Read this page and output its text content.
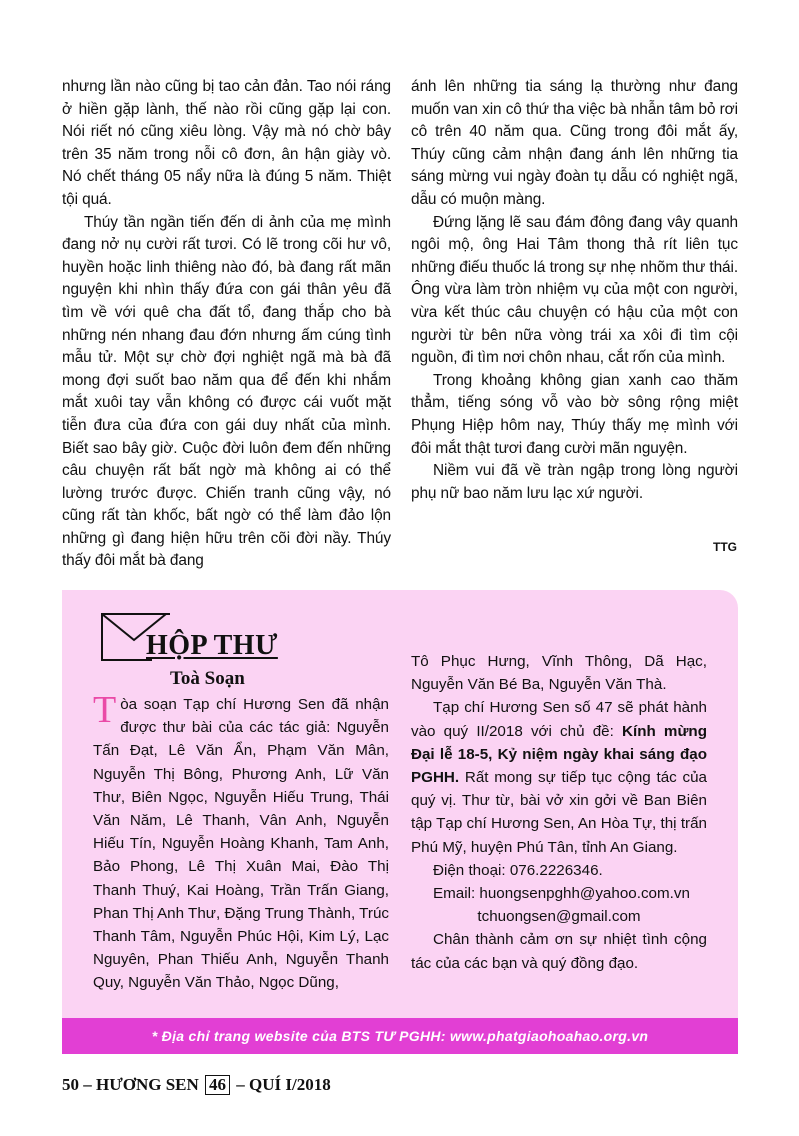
nhưng lần nào cũng bị tao cản đản. Tao nói ráng ở hiền gặp lành, thế nào rồi cũng gặp lại con. Nói riết nó cũng xiêu lòng. Vậy mà nó chờ bây trên 35 năm trong nỗi cô đơn, ân hận giày vò. Nó chết tháng 05 nẩy nữa là đúng 5 năm. Thiệt tội quá.

Thúy tần ngần tiến đến di ảnh của mẹ mình đang nở nụ cười rất tươi. Có lẽ trong cõi hư vô, huyền hoặc linh thiêng nào đó, bà đang rất mãn nguyện khi nhìn thấy đứa con gái thân yêu đã tìm về với quê cha đất tổ, đang thắp cho bà những nén nhang đau đớn nhưng ấm cúng tình mẫu tử. Một sự chờ đợi nghiệt ngã mà bà đã mong đợi suốt bao năm qua để đến khi nhắm mắt xuôi tay vẫn không có được cái vuốt mặt tiễn đưa của đứa con gái duy nhất của mình. Biết sao bây giờ. Cuộc đời luôn đem đến những câu chuyện rất bất ngờ mà không ai có thể lường trước được. Chiến tranh cũng vậy, nó cũng rất tàn khốc, bất ngờ có thể làm đảo lộn những gì đang hiện hữu trên cõi đời nầy. Thúy thấy đôi mắt bà đang

ánh lên những tia sáng lạ thường như đang muốn van xin cô thứ tha việc bà nhẫn tâm bỏ rơi cô trên 40 năm qua. Cũng trong đôi mắt ấy, Thúy cũng cảm nhận đang ánh lên những tia sáng mừng vui ngày đoàn tụ dẫu có nghiệt ngã, dẫu có muộn màng.

Đứng lặng lẽ sau đám đông đang vây quanh ngôi mộ, ông Hai Tâm thong thả rít liên tục những điếu thuốc lá trong sự nhẹ nhõm thư thái. Ông vừa làm tròn nhiệm vụ của một con người, vừa kết thúc câu chuyện có hậu của một con người từ bên nữa vòng trái xa xôi đi tìm cội nguồn, đi tìm nơi chôn nhau, cắt rốn của mình.

Trong khoảng không gian xanh cao thăm thẳm, tiếng sóng vỗ vào bờ sông rộng miệt Phụng Hiệp hôm nay, Thúy thấy mẹ mình với đôi mắt thật tươi đang cười mãn nguyện.

Niềm vui đã về tràn ngập trong lòng người phụ nữ bao năm lưu lạc xứ người.

TTG
HỘP THƯ
Toà Soạn

Tòa soạn Tạp chí Hương Sen đã nhận được thư bài của các tác giả: Nguyễn Tấn Đạt, Lê Văn Ẩn, Phạm Văn Mân, Nguyễn Thị Bông, Phương Anh, Lữ Văn Thư, Biên Ngọc, Nguyễn Hiếu Trung, Thái Văn Năm, Lê Thanh, Vân Anh, Nguyễn Hiếu Tín, Nguyễn Hoàng Khanh, Tam Anh, Bảo Phong, Lê Thị Xuân Mai, Đào Thị Thanh Thuý, Kai Hoàng, Trần Trấn Giang, Phan Thị Anh Thư, Đặng Trung Thành, Trúc Thanh Tâm, Nguyễn Phúc Hội, Kim Lý, Lạc Nguyên, Phan Thiếu Anh, Nguyễn Thanh Quy, Nguyễn Văn Thảo, Ngọc Dũng,

Tô Phục Hưng, Vĩnh Thông, Dã Hạc, Nguyễn Văn Bé Ba, Nguyễn Văn Thà.

Tạp chí Hương Sen số 47 sẽ phát hành vào quý II/2018 với chủ đề: Kính mừng Đại lễ 18-5, Kỷ niệm ngày khai sáng đạo PGHH. Rất mong sự tiếp tục cộng tác của quý vị. Thư từ, bài vở xin gởi về Ban Biên tập Tạp chí Hương Sen, An Hòa Tự, thị trấn Phú Mỹ, huyện Phú Tân, tỉnh An Giang.

Điện thoại: 076.2226346.

Email: huongsenpghh@yahoo.com.vn

tchuongsen@gmail.com

Chân thành cảm ơn sự nhiệt tình cộng tác của các bạn và quý đồng đạo.

* Địa chỉ trang website của BTS TƯ PGHH: www.phatgiaohoahao.org.vn
50 – HƯƠNG SEN 46 – QUÍ I/2018
